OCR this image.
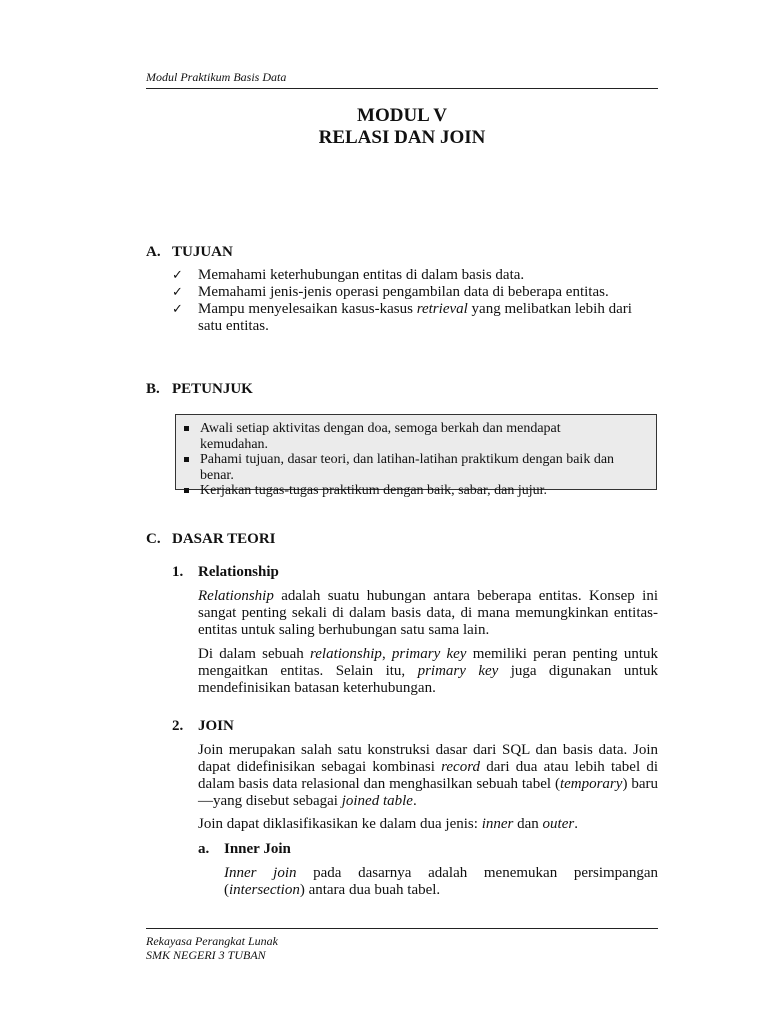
Modul Praktikum Basis Data
MODUL V
RELASI DAN JOIN
A. TUJUAN
✓ Memahami keterhubungan entitas di dalam basis data.
✓ Memahami jenis-jenis operasi pengambilan data di beberapa entitas.
✓ Mampu menyelesaikan kasus-kasus retrieval yang melibatkan lebih dari satu entitas.
B. PETUNJUK
Awali setiap aktivitas dengan doa, semoga berkah dan mendapat kemudahan.
Pahami tujuan, dasar teori, dan latihan-latihan praktikum dengan baik dan benar.
Kerjakan tugas-tugas praktikum dengan baik, sabar, dan jujur.
C. DASAR TEORI
1. Relationship
Relationship adalah suatu hubungan antara beberapa entitas. Konsep ini sangat penting sekali di dalam basis data, di mana memungkinkan entitas-entitas untuk saling berhubungan satu sama lain.
Di dalam sebuah relationship, primary key memiliki peran penting untuk mengaitkan entitas. Selain itu, primary key juga digunakan untuk mendefinisikan batasan keterhubungan.
2. JOIN
Join merupakan salah satu konstruksi dasar dari SQL dan basis data. Join dapat didefinisikan sebagai kombinasi record dari dua atau lebih tabel di dalam basis data relasional dan menghasilkan sebuah tabel (temporary) baru—yang disebut sebagai joined table.
Join dapat diklasifikasikan ke dalam dua jenis: inner dan outer.
a. Inner Join
Inner join pada dasarnya adalah menemukan persimpangan (intersection) antara dua buah tabel.
Rekayasa Perangkat Lunak
SMK NEGERI 3 TUBAN
